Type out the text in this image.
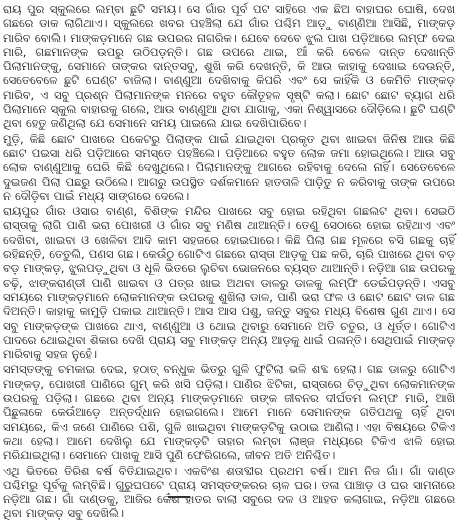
ରାୟ ପୁର ସ୍କୁଲରେ ଲମ୍ବା ଛୁଟି ସମୟ। ସେ ଗାଁର ପୂର୍ବ ପଟ ସାହିରେ ଏକ ଛିଅ ବାହାଘର ଘୋଷି, ଦେଖ ଗଛରେ ଡାକ ଲାଗିଥାଏ। ସ୍କୁଲରେ ଖବର ପହଞ୍ଚିଲା ଯେ ଗାଁର ପଶ୍ଚିମ ଆଡ଼ୁ ବାଣ୍ଣିଆ ଆସିଛି, ମାଙ୍କଡ଼ ମାରିବ ବୋଲି। ମାଙ୍କଡ଼ମାନେ ଗଛ ଉପରର ନାଗରିକ। ଯେବେ ଦେବେ ଝୁଲ ପାଖ ପଡ଼ିଆରେ ଲମ୍ଫ ଦେଇ ମାରି, ଗଛମାନଙ୍କ ଉପରୁ ଉଠିପଡ଼ନ୍ତି। ଗଛ ଉପରେ ଥାଇ, ଆଁ କରି ବେଳେ ଦାନ୍ତ ଦେଖାନ୍ତି ପିଲାମାନଙ୍କୁ, ସେମାନେ ତାଙ୍କର ଦାନ୍ତସବୁ, ଶୁଖି କରି ଦେଖନ୍ତି, କି ଆଉ କାହାକୁ ଦେଖାଇ ଦେଉନ୍ତି, ସେତେବେଳେ ଛୁଟି ଘେଣ୍ଟ ବାଜିଲା। ବାଣ୍ଣୁଆ ଦେଖିବାକୁ କିପରି ଏବଂ ସେ କାହିଁକି ଓ କେମିତି ମାଙ୍କଡ଼ ମାରିବ, ଏ ସବୁ ପ୍ରଶ୍ନ ପିଲାମାନଙ୍କ ମନରେ ବହୁତ କୌତୂହଳ ସୃଷ୍ଟି କଲା। ଛୋଟ ଛୋଟ ବ୍ୟାଗ ଧରି ପିଲାମାନେ ସ୍କୁଲ ବାହାରକୁ ଗଲେ, ଆଉ ବାଣ୍ଣୁଆ ଥିବା ଯାଗାକୁ, ଏକା ନିଶ୍ୱାସରେ ଦୌଡ଼ିଲେ। ଛୁଟି ଘଣ୍ଟି ଥିବା ହେତୁ ଜଣିଥିଲା ଯେ ସେମାନେ ସମୟ ପାଇଲେ ଯାଇ ଦେଖିପାରିବେ।

ମୁଡ଼ି, କିଛି ଛୋଟ ପାଖରେ ପକେଟରୁ ପିଲାଙ୍କ ପାଇଁ ଯାଇଥିବା ପ୍ରକୃତ ଥିବା ଖାଇବା ଜିନିଷ ଆଉ କିଛି ଛୋଟ ପଇସା ଧରି ପଡ଼ିଆରେ ସମସ୍ତେ ପହଞ୍ଚିଲେ। ପଡ଼ିଆରେ ବହୁତ ଲୋକ ଜମା ହୋଇଥିଲେ। ଆଉ ସବୁ ଲୋକ ବାଣ୍ଣୁଆକୁ ଘେରି କିଛି ଦେଖୁଥିଲେ। ପିଲାମାନଙ୍କୁ ଆଗରେ ରହିବାକୁ ଦେଲେ ନାହିଁ। ସେତେବେଳେ ଦୁଇଜଣ ପିଲା ପଛରୁ ଉଠିଲେ। ଆଗରୁ ଉପସ୍ଥିତ ଦର୍ଶକମାନେ ହାତତାଳି ପାଡ଼ିତୁ ନ କରିବାକୁ ତାଙ୍କ ଉପରେ ନ ଦୌଡ଼ିବା ପାଇଁ ମଧ୍ୟ ସାଙ୍ଗରେ ଦେଲେ।

ରାୟପୁର ଗାଁର ଓସାର ବାଣ୍ଣ, ବିଶିଙ୍କ ମନ୍ଦିର ପାଖରେ ସବୁ ହୋଇ ରହିଥିବା ଗଛଲଟ ଥିବା। ସେଇଠି ରାସ୍ତାକୁ ଲାଗି ପାଣି ଭରା ପୋଖରୀ ଓ ଗାଁର ସବୁ ମଣିଷ ଥାଆନ୍ତି। ତେଣୁ ସେଠାରେ ହୋଇ ରହିଥାଏ ଏବଂ ଦେଖିବା, ଖାଇବା ଓ ଖେଳିବା ଆଦି କାମ ସହଜରେ ହୋଇପାରେ। କିଛି ପିଲା ଗଛ ମୂଳରେ ବସି ଗଛକୁ ଚାହିଁ ରହିଛନ୍ତି, ତେତୁଲି, ପଣସ ଗଛ। କେଉଁଠୁ ଗୋଟିଏ ଗଛରେ ରାସ୍ତା ଆଡ଼କୁ ପଛ କରି, ଚାରି ପାଖରେ ଥିବା ବଡ଼ ବଡ଼ ମାଙ୍କଡ଼, ଝୁଲପଡ଼ୁଥିବା ଓ ଧୂଳି ଭିତରେ ଲୁଚିବା ଭୋଜନରେ ବ୍ୟସ୍ତ ଥାଆନ୍ତି। ନଡ଼ିଆ ଗଛ ଉପରକୁ ଚଢ଼ି, ଝାଙ୍କରାଣ୍ଡୀ ପାଣି ଖାଇବା ଓ ପତ୍ର ଖାଇ ଅଥବା ଡାଳରୁ ଡାଳକୁ ଲମ୍ଫି ଡେଇଁପଡ଼ନ୍ତି। ଏସବୁ ସମୟରେ ମାଙ୍କଡ଼ମାନେ ଲୋକମାନଙ୍କ ଉପରକୁ ଶୁଖିଲା ଡାଳ, ପାଣି ଭରା ଫଳ ଓ ଛୋଟ ଛୋଟ ଡାଳ ଗଛ ଦିଅନ୍ତି। କାହାକୁ କାମୁଡ଼ି ପକାଇ ଥାଆନ୍ତି। ଆସ ଆସ ପଶୁ, ଜନ୍ତୁ ସବୁର ମଧ୍ୟ ବିଶେଷ ଗୁଣ ଥାଏ। ସେ ସବୁ ମାଙ୍କଡ଼ଙ୍କ ପାଖରେ ଥାଏ, ବାଣ୍ଣୁଆ ଓ ଥୋଇ ଥିବାରୁ ସେମାନେ ଅତି ଚତୁର, ଓ ଧୂର୍ତ୍ତ। ଗୋଟିଏ ପାଦରେ ଥୋଇଥିବା ଶିକାର ଦେଖି ପ୍ରାୟ ସବୁ ମାଙ୍କଡ଼ ଅନ୍ୟ ଆଡ଼କୁ ଧାଇଁ ପଳାନ୍ତି। ସେଥିପାଇଁ ମାଙ୍କଡ଼ ମାରିବାକୁ ସହଜ ନୁହେଁ।

ସମସ୍ତଙ୍କୁ ଚମକାଇ ଦେଇ, ହଠାତ୍ ବନ୍ଧୁକ ଭିତରୁ ଗୁଳି ଫୁଟିଲା ଭଳି ଶବ୍ଦ ହେଲା। ଗଛ ଡାଳରୁ ଗୋଟିଏ ମାଙ୍କଡ଼, ପୋଖରୀ ପାଣିରେ ଗୁମ୍ କରି ଖସି ପଡ଼ିଲା। ପାଣିର ଝିଟିକା, ରାସ୍ତାରେ ଚିଡ଼ୁଥିବା ଲୋକମାନଙ୍କ ଉପରକୁ ପଡ଼ିଲା। ଗଛରେ ଥିବା ଅନ୍ୟ ମାଙ୍କଡ଼ମାନେ ତାଙ୍କ ଜୀବନର ଦୀର୍ଘତମ ଲମ୍ଫ ମାରି, ଆଖି ପିଛୁଳାକେ କେଉଁଆଡ଼େ ଅନ୍ତର୍ଦ୍ଧାନ ହୋଇଗଲେ। ଆମେ ମାନେ ସେମାନଙ୍କ ଗତିପଥକୁ ଚାହିଁ ଥିବା ସମୟରେ, କିଏ ଜଣେ ପାଣିରେ ପଶି, ଗୁଳି ଖାଇଥିବା ମାଙ୍କଡ଼ଟିକୁ ଉଠାଇ ଆଣିଲା। ଏହା ବିଷୟରେ ଟିକିଏ କଥା ହେଲା। ଆମେ ଦେଖିଲୁ ଯେ ମାଙ୍କଡ଼ଟି ତାହାର ଲମ୍ବା ଲାଞ୍ଜ ମଧ୍ୟରେ ଟିକିଏ ଝାଳି ହୋଇ ମରିଯାଇଥିଲା। ସେମାନେ ପାଖକୁ ଆସି ପୁଣି ଫେରିଗଲେ, ଜୀବନ ଅତି ଅନିଶ୍ଚିତ।

ଏଥି ଭିତରେ ତିରିଶ ବର୍ଷ ବିତିଯାଇଥିବ। ଏକବିଂଶ ଶତାବ୍ଦୀର ପ୍ରଥମ ବର୍ଷ। ଆମ ନିଜ ଗାଁ। ଗାଁ ଦାଣ୍ଡ ପଶ୍ଚିମରୁ ପୂର୍ବକୁ ଲମ୍ବିଛି। ଗୁରୁଘପଟେ ପ୍ରାୟ ସମସ୍ତଙ୍କରର ଚାଳ ଘର। ତଳା ପାଞ୍ଚାଡ଼ ଓ ଘର ସାମନାରେ ନଡ଼ିଆ ଗଛ। ଗାଁ ଦାଣ୍ଡକୁ, ଆଜିର କେଁଶ ହାତର ବାଲା ସବୁରେ ଦଳ ଓ ଆହତ କଲାଗାଇ, ନଡ଼ିଆ ଗଛରେ ଥିବା ମାଙ୍କଡ଼ ସବୁ ଦେଖିଲି।
